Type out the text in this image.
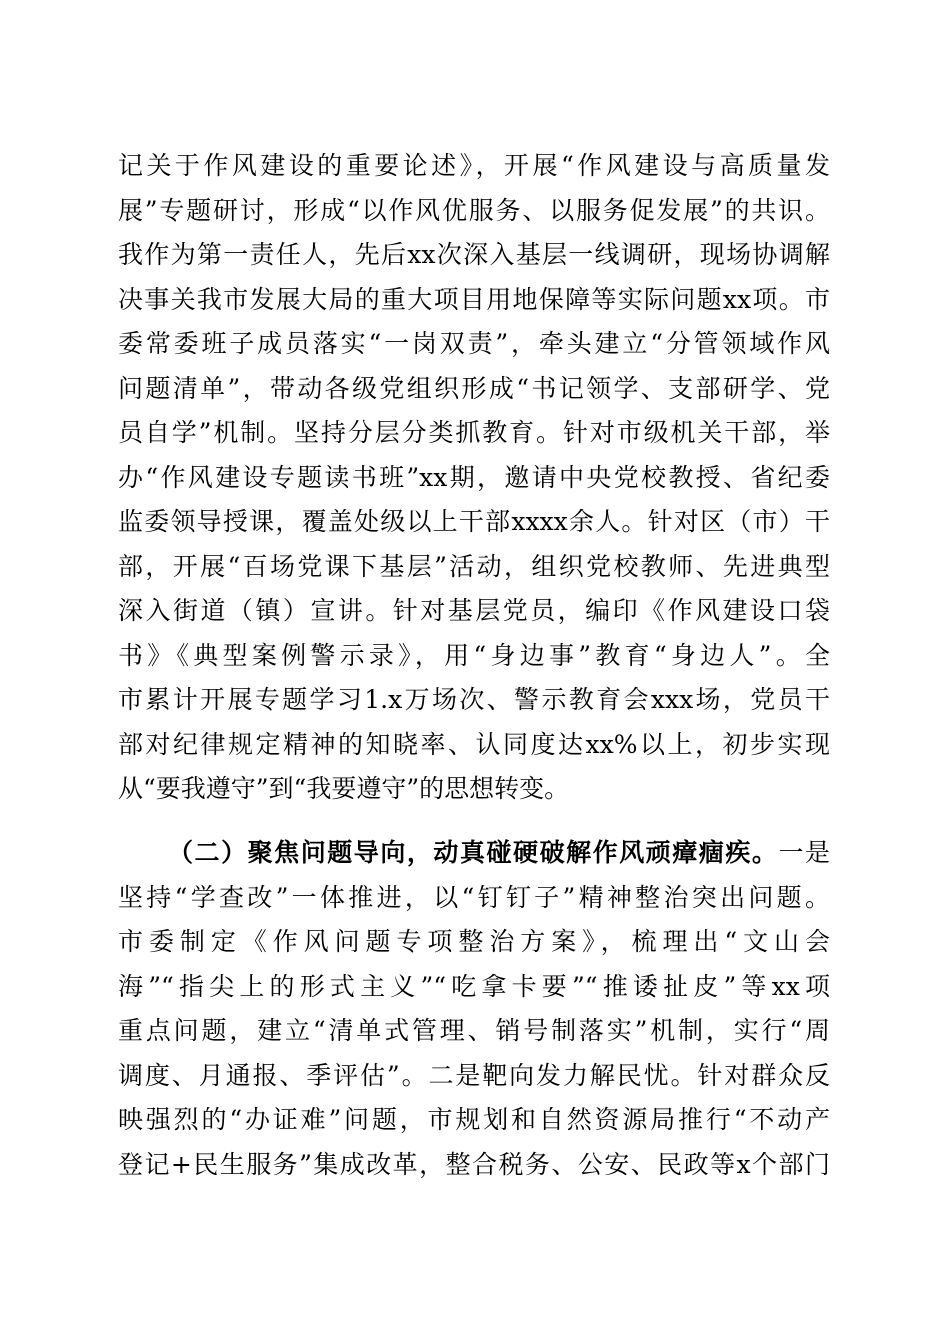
记关于作风建设的重要论述》，开展“作风建设与高质量发
展”专题研讨，形成“以作风优服务、以服务促发展”的共识。
我作为第一责任人，先后xx次深入基层一线调研，现场协调解
决事关我市发展大局的重大项目用地保障等实际问题xx项。市
委常委班子成员落实“一岗双责”，牵头建立“分管领域作风
问题清单”，带动各级党组织形成“书记领学、支部研学、党
员自学”机制。坚持分层分类抓教育。针对市级机关干部，举
办“作风建设专题读书班”xx期，邀请中央党校教授、省纪委
监委领导授课，覆盖处级以上干部xxxx余人。针对区（市）干
部，开展“百场党课下基层”活动，组织党校教师、先进典型
深入街道（镇）宣讲。针对基层党员，编印《作风建设口袋
书》《典型案例警示录》，用“身边事”教育“身边人”。全
市累计开展专题学习1.x万场次、警示教育会xxx场，党员干
部对纪律规定精神的知晓率、认同度达xx%以上，初步实现
从“要我遵守”到“我要遵守”的思想转变。
（二）聚焦问题导向，动真碰硬破解作风顽瘴痼疾。一是
坚持“学查改”一体推进，以“钉钉子”精神整治突出问题。
市委制定《作风问题专项整治方案》，梳理出“文山会
海”“指尖上的形式主义”“吃拿卡要”“推诿扯皮”等xx项
重点问题，建立“清单式管理、销号制落实”机制，实行“周
调度、月通报、季评估”。二是靶向发力解民忧。针对群众反
映强烈的“办证难”问题，市规划和自然资源局推行“不动产
登记+民生服务”集成改革，整合税务、公安、民政等x个部门
